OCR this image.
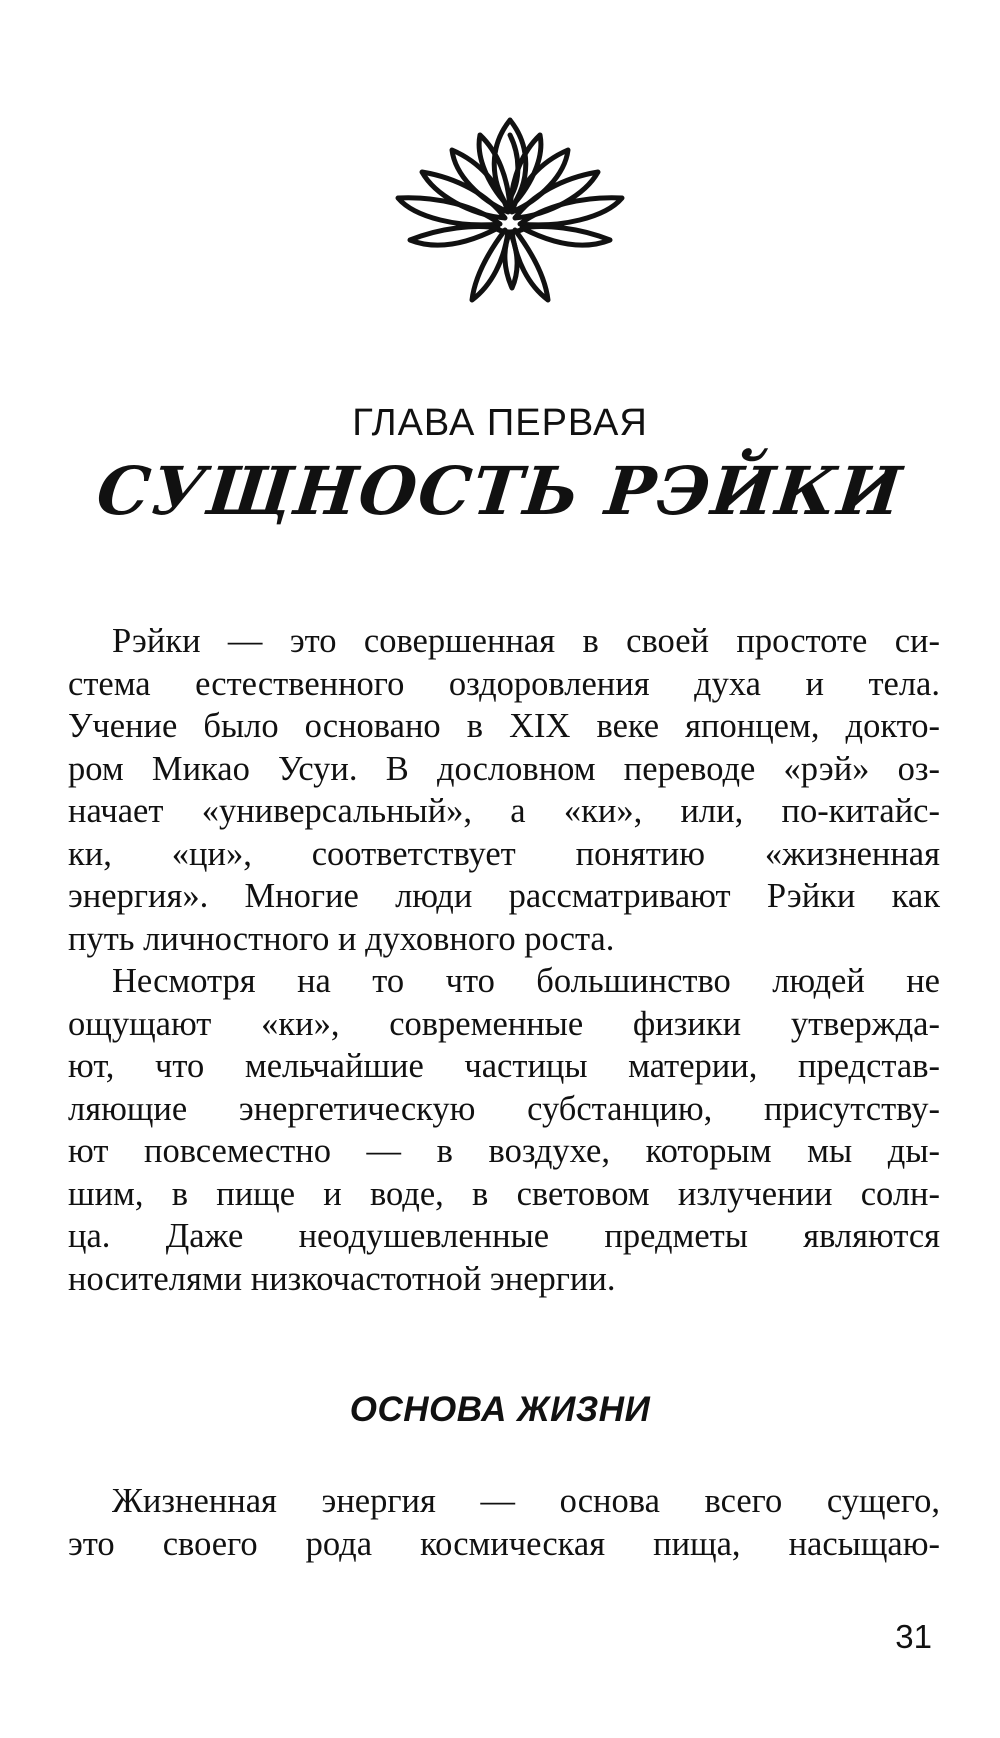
ГЛАВА ПЕРВАЯ
СУЩНОСТЬ РЭЙКИ
Рэйки — это совершенная в своей простоте си-
стема естественного оздоровления духа и тела.
Учение было основано в XIX веке японцем, докто-
ром Микао Усуи. В дословном переводе «рэй» оз-
начает «универсальный», а «ки», или, по-китайс-
ки, «ци», соответствует понятию «жизненная
энергия». Многие люди рассматривают Рэйки как
путь личностного и духовного роста.
Несмотря на то что большинство людей не
ощущают «ки», современные физики утвержда-
ют, что мельчайшие частицы материи, представ-
ляющие энергетическую субстанцию, присутству-
ют повсеместно — в воздухе, которым мы ды-
шим, в пище и воде, в световом излучении солн-
ца. Даже неодушевленные предметы являются
носителями низкочастотной энергии.
ОСНОВА ЖИЗНИ
Жизненная энергия — основа всего сущего,
это своего рода космическая пища, насыщаю-
31
